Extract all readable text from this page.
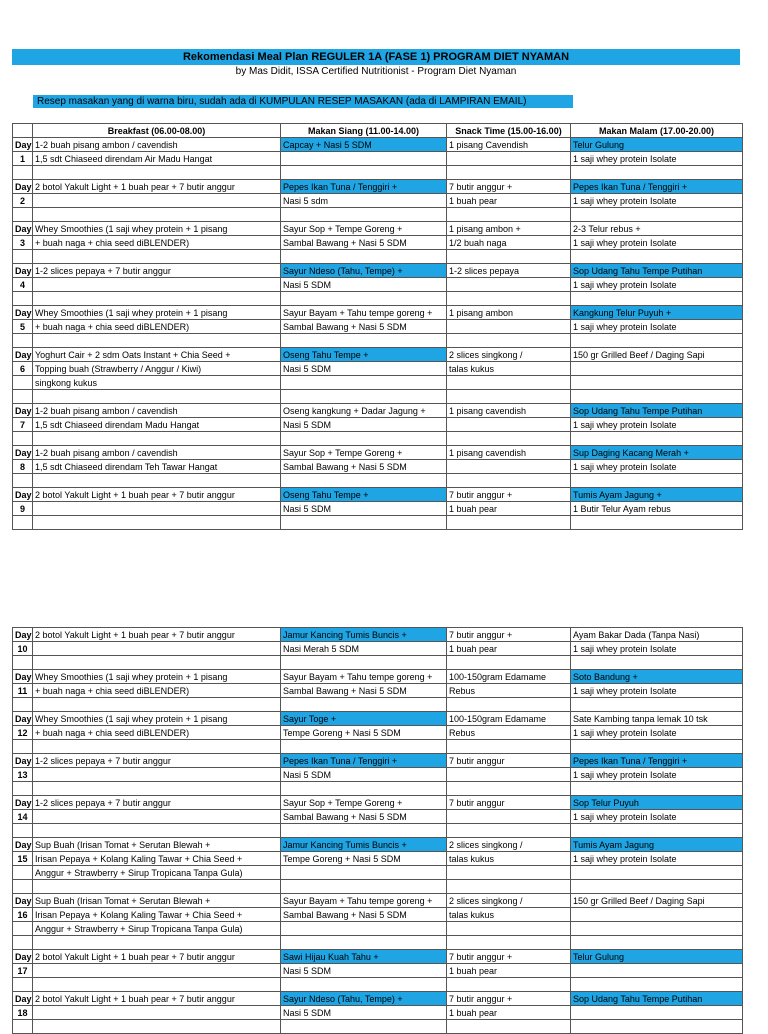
Rekomendasi Meal Plan REGULER 1A (FASE 1) PROGRAM DIET NYAMAN
by Mas Didit, ISSA Certified Nutritionist - Program Diet Nyaman
Resep masakan yang di warna biru, sudah ada di KUMPULAN RESEP MASAKAN (ada di LAMPIRAN EMAIL)
	Breakfast (06.00-08.00)	Makan Siang (11.00-14.00)	Snack Time (15.00-16.00)	Makan Malam (17.00-20.00)
Day	1-2 buah pisang ambon / cavendish	Capcay + Nasi 5 SDM	1 pisang Cavendish	Telur Gulung
1	1,5 sdt Chiaseed direndam Air Madu Hangat			1 saji whey protein Isolate

Day	2 botol Yakult Light + 1 buah pear + 7 butir anggur	Pepes Ikan Tuna / Tenggiri +	7 butir anggur +	Pepes Ikan Tuna / Tenggiri +
2		Nasi 5 sdm	1 buah pear	1 saji whey protein Isolate

Day	Whey Smoothies (1 saji whey protein + 1 pisang	Sayur Sop + Tempe Goreng +	1 pisang ambon +	2-3 Telur rebus +
3	+ buah naga + chia seed diBLENDER)	Sambal Bawang + Nasi 5 SDM	1/2 buah naga	1 saji whey protein Isolate

Day	1-2 slices pepaya + 7 butir anggur	Sayur Ndeso (Tahu, Tempe) +	1-2 slices pepaya	Sop Udang Tahu Tempe Putihan
4		Nasi 5 SDM		1 saji whey protein Isolate

Day	Whey Smoothies (1 saji whey protein + 1 pisang	Sayur Bayam + Tahu tempe goreng +	1 pisang ambon	Kangkung Telur Puyuh +
5	+ buah naga + chia seed diBLENDER)	Sambal Bawang + Nasi 5 SDM		1 saji whey protein Isolate

Day	Yoghurt Cair + 2 sdm Oats Instant + Chia Seed +	Oseng Tahu Tempe +	2 slices singkong /	150 gr Grilled Beef / Daging Sapi
6	Topping buah (Strawberry / Anggur / Kiwi)	Nasi 5 SDM	talas kukus	
	singkong kukus			

Day	1-2 buah pisang ambon / cavendish	Oseng kangkung + Dadar Jagung +	1 pisang cavendish	Sop Udang Tahu Tempe Putihan
7	1,5 sdt Chiaseed direndam Madu Hangat	Nasi 5 SDM		1 saji whey protein Isolate

Day	1-2 buah pisang ambon / cavendish	Sayur Sop + Tempe Goreng +	1 pisang cavendish	Sup Daging Kacang Merah +
8	1,5 sdt Chiaseed direndam Teh Tawar Hangat	Sambal Bawang + Nasi 5 SDM		1 saji whey protein Isolate

Day	2 botol Yakult Light + 1 buah pear + 7 butir anggur	Oseng Tahu Tempe +	7 butir anggur +	Tumis Ayam Jagung +
9		Nasi 5 SDM	1 buah pear	1 Butir Telur Ayam rebus

Day	2 botol Yakult Light + 1 buah pear + 7 butir anggur	Jamur Kancing Tumis Buncis +	7 butir anggur +	Ayam Bakar Dada (Tanpa Nasi)
10		Nasi Merah 5 SDM	1 buah pear	1 saji whey protein Isolate

Day	Whey Smoothies (1 saji whey protein + 1 pisang	Sayur Bayam + Tahu tempe goreng +	100-150gram Edamame	Soto Bandung +
11	+ buah naga + chia seed diBLENDER)	Sambal Bawang + Nasi 5 SDM	Rebus	1 saji whey protein Isolate

Day	Whey Smoothies (1 saji whey protein + 1 pisang	Sayur Toge +	100-150gram Edamame	Sate Kambing tanpa lemak 10 tsk
12	+ buah naga + chia seed diBLENDER)	Tempe Goreng + Nasi 5 SDM	Rebus	1 saji whey protein Isolate

Day	1-2 slices pepaya + 7 butir anggur	Pepes Ikan Tuna / Tenggiri +	7 butir anggur	Pepes Ikan Tuna / Tenggiri +
13		Nasi 5 SDM		1 saji whey protein Isolate

Day	1-2 slices pepaya + 7 butir anggur	Sayur Sop + Tempe Goreng +	7 butir anggur	Sop Telur Puyuh
14		Sambal Bawang + Nasi 5 SDM		1 saji whey protein Isolate

Day	Sup Buah (Irisan Tomat + Serutan Blewah +	Jamur Kancing Tumis Buncis +	2 slices singkong /	Tumis Ayam Jagung
15	Irisan Pepaya + Kolang Kaling Tawar + Chia Seed +	Tempe Goreng + Nasi 5 SDM	talas kukus	1 saji whey protein Isolate
	Anggur + Strawberry + Sirup Tropicana Tanpa Gula)			

Day	Sup Buah (Irisan Tomat + Serutan Blewah +	Sayur Bayam + Tahu tempe goreng +	2 slices singkong /	150 gr Grilled Beef / Daging Sapi
16	Irisan Pepaya + Kolang Kaling Tawar + Chia Seed +	Sambal Bawang + Nasi 5 SDM	talas kukus	
	Anggur + Strawberry + Sirup Tropicana Tanpa Gula)			

Day	2 botol Yakult Light + 1 buah pear + 7 butir anggur	Sawi Hijau Kuah Tahu +	7 butir anggur +	Telur Gulung
17		Nasi 5 SDM	1 buah pear	

Day	2 botol Yakult Light + 1 buah pear + 7 butir anggur	Sayur Ndeso (Tahu, Tempe) +	7 butir anggur +	Sop Udang Tahu Tempe Putihan
18		Nasi 5 SDM	1 buah pear	
